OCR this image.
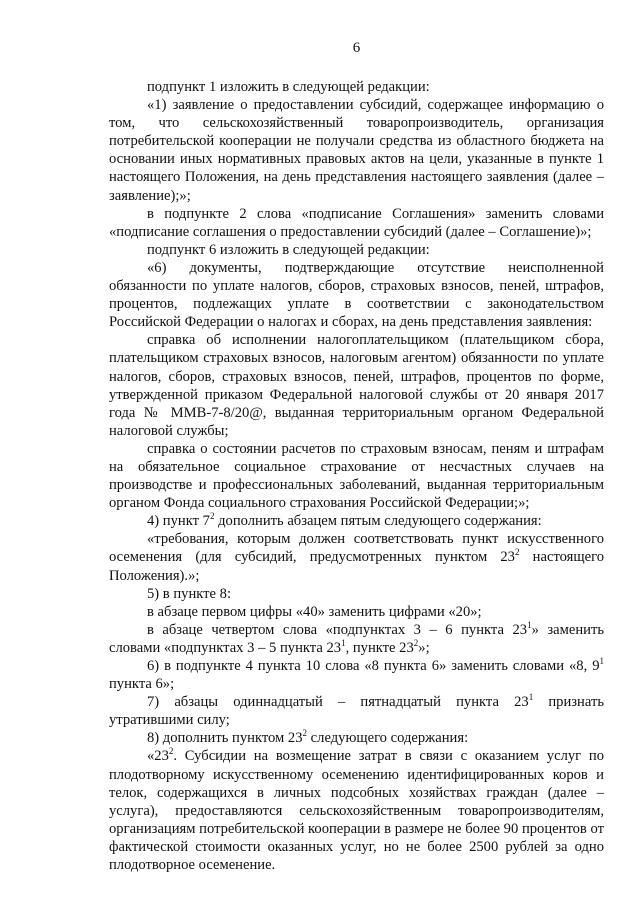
6

подпункт 1 изложить в следующей редакции:

«1) заявление о предоставлении субсидий, содержащее информацию о том, что сельскохозяйственный товаропроизводитель, организация потребительской кооперации не получали средства из областного бюджета на основании иных нормативных правовых актов на цели, указанные в пункте 1 настоящего Положения, на день представления настоящего заявления (далее – заявление);»;

в подпункте 2 слова «подписание Соглашения» заменить словами «подписание соглашения о предоставлении субсидий (далее – Соглашение)»;

подпункт 6 изложить в следующей редакции:

«6) документы, подтверждающие отсутствие неисполненной обязанности по уплате налогов, сборов, страховых взносов, пеней, штрафов, процентов, подлежащих уплате в соответствии с законодательством Российской Федерации о налогах и сборах, на день представления заявления:

справка об исполнении налогоплательщиком (плательщиком сбора, плательщиком страховых взносов, налоговым агентом) обязанности по уплате налогов, сборов, страховых взносов, пеней, штрафов, процентов по форме, утвержденной приказом Федеральной налоговой службы от 20 января 2017 года № ММВ-7-8/20@, выданная территориальным органом Федеральной налоговой службы;

справка о состоянии расчетов по страховым взносам, пеням и штрафам на обязательное социальное страхование от несчастных случаев на производстве и профессиональных заболеваний, выданная территориальным органом Фонда социального страхования Российской Федерации;»;

4) пункт $7^2$ дополнить абзацем пятым следующего содержания:

«требования, которым должен соответствовать пункт искусственного осеменения (для субсидий, предусмотренных пунктом $23^2$ настоящего Положения).»;

5) в пункте 8:

в абзаце первом цифры «40» заменить цифрами «20»;

в абзаце четвертом слова «подпунктах 3 – 6 пункта $23^1$» заменить словами «подпунктах 3 – 5 пункта $23^1$, пункте $23^2$»;

6) в подпункте 4 пункта 10 слова «8 пункта 6» заменить словами «8, $9^1$ пункта 6»;

7) абзацы одиннадцатый – пятнадцатый пункта $23^1$ признать утратившими силу;

8) дополнить пунктом $23^2$ следующего содержания:

«$23^2$. Субсидии на возмещение затрат в связи с оказанием услуг по плодотворному искусственному осеменению идентифицированных коров и телок, содержащихся в личных подсобных хозяйствах граждан (далее – услуга), предоставляются сельскохозяйственным товаропроизводителям, организациям потребительской кооперации в размере не более 90 процентов от фактической стоимости оказанных услуг, но не более 2500 рублей за одно плодотворное осеменение.
